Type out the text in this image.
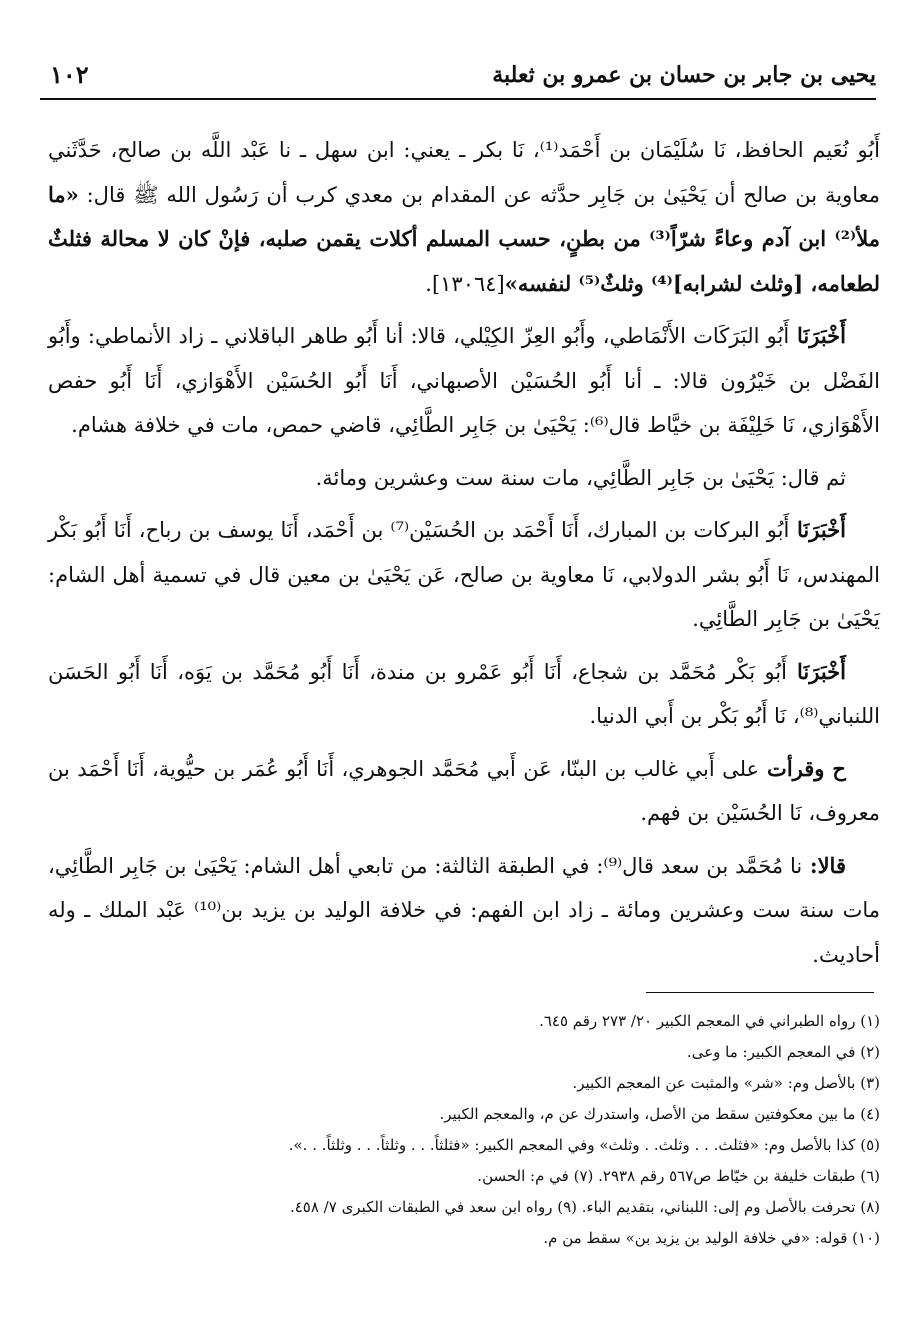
يحيى بن جابر بن حسان بن عمرو بن ثعلبة
١٠٢

أَبُو نُعَيم الحافظ، نَا سُلَيْمَان بن أَحْمَد⁽¹⁾، نَا بكر ـ يعني: ابن سهل ـ نا عَبْد اللَّه بن صالح، حَدَّثَني معاوية بن صالح أن يَحْيَىٰ بن جَابِر حدَّثه عن المقدام بن معدي كرب أن رَسُول الله ﷺ قال: «ما ملأ⁽²⁾ ابن آدم وعاءً شرّاً⁽³⁾ من بطنٍ، حسب المسلم أكلات يقمن صلبه، فإنْ كان لا محالة فثلثٌ لطعامه، [وثلث لشرابه]⁽⁴⁾ وثلثٌ⁽⁵⁾ لنفسه»[١٣٠٦٤].

أَخْبَرَنَا أَبُو البَرَكَات الأَنْمَاطي، وأَبُو العِزّ الكِيْلي، قالا: أنا أَبُو طاهر الباقلاني ـ زاد الأنماطي: وأَبُو الفَضْل بن خَيْرُون قالا: ـ أنا أَبُو الحُسَيْن الأصبهاني، أَنَا أَبُو الحُسَيْن الأَهْوَازي، أَنَا أَبُو حفص الأَهْوَازي، نَا خَلِيْفَة بن خيَّاط قال⁽⁶⁾: يَحْيَىٰ بن جَابِر الطَّائِي، قاضي حمص، مات في خلافة هشام.

ثم قال: يَحْيَىٰ بن جَابِر الطَّائِي، مات سنة ست وعشرين ومائة.

أَخْبَرَنَا أَبُو البركات بن المبارك، أَنَا أَحْمَد بن الحُسَيْن⁽⁷⁾ بن أَحْمَد، أَنَا يوسف بن رباح، أَنَا أَبُو بَكْر المهندس، نَا أَبُو بشر الدولابي، نَا معاوية بن صالح، عَن يَحْيَىٰ بن معين قال في تسمية أهل الشام: يَحْيَىٰ بن جَابِر الطَّائِي.

أَخْبَرَنَا أَبُو بَكْر مُحَمَّد بن شجاع، أَنَا أَبُو عَمْرو بن مندة، أَنَا أَبُو مُحَمَّد بن يَوَه، أَنَا أَبُو الحَسَن اللنباني⁽⁸⁾، نَا أَبُو بَكْر بن أَبي الدنيا.

ح وقرأت على أَبي غالب بن البنّا، عَن أَبي مُحَمَّد الجوهري، أَنَا أَبُو عُمَر بن حيُّوية، أَنَا أَحْمَد بن معروف، نَا الحُسَيْن بن فهم.

قالا: نا مُحَمَّد بن سعد قال⁽⁹⁾: في الطبقة الثالثة: من تابعي أهل الشام: يَحْيَىٰ بن جَابِر الطَّائِي، مات سنة ست وعشرين ومائة ـ زاد ابن الفهم: في خلافة الوليد بن يزيد بن⁽¹⁰⁾ عَبْد الملك ـ وله أحاديث.

(١) رواه الطبراني في المعجم الكبير ٢٠/ ٢٧٣ رقم ٦٤٥.
(٢) في المعجم الكبير: ما وعى.
(٣) بالأصل وم: «شر» والمثبت عن المعجم الكبير.
(٤) ما بين معكوفتين سقط من الأصل، واستدرك عن م، والمعجم الكبير.
(٥) كذا بالأصل وم: «فثلث. . . وثلث. . وثلث» وفي المعجم الكبير: «فثلثاً. . . وثلثاً. . . وثلثاً. . .».
(٦) طبقات خليفة بن خيّاط ص٥٦٧ رقم ٢٩٣٨. (٧) في م: الحسن.
(٨) تحرفت بالأصل وم إلى: اللبناني، بتقديم الباء. (٩) رواه ابن سعد في الطبقات الكبرى ٧/ ٤٥٨.
(١٠) قوله: «في خلافة الوليد بن يزيد بن» سقط من م.
